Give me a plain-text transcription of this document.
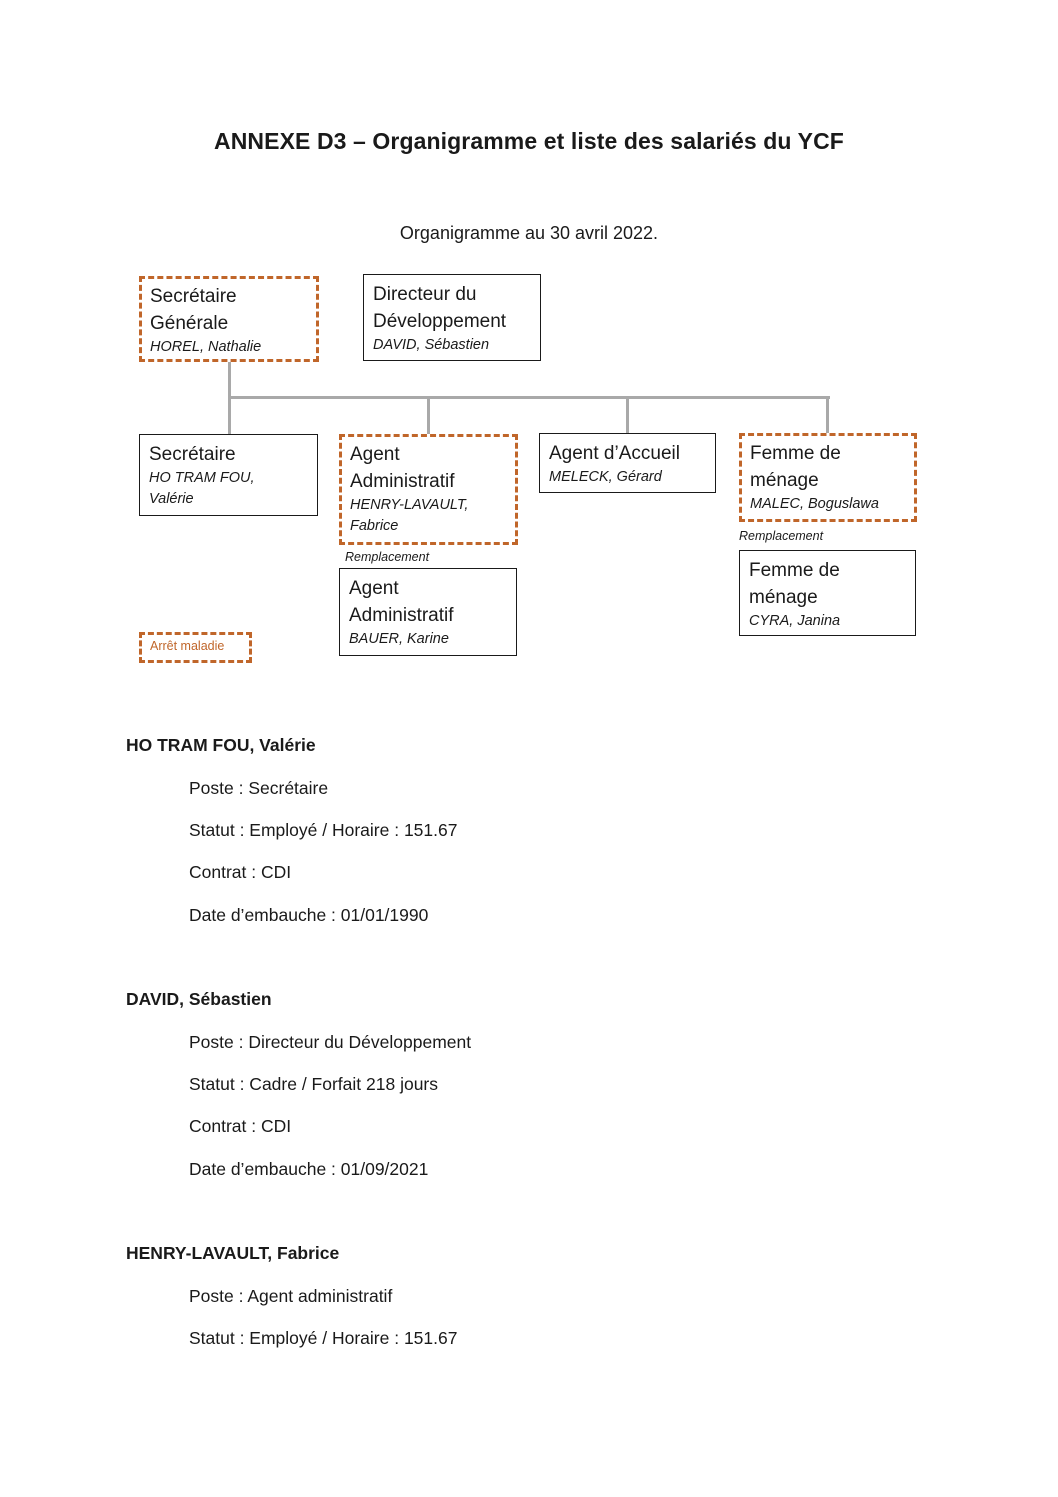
ANNEXE D3 – Organigramme et liste des salariés du YCF
Organigramme au 30 avril 2022.
Secrétaire
Générale
HOREL, Nathalie
Directeur du
Développement
DAVID, Sébastien
Secrétaire
HO TRAM FOU,
Valérie
Agent
Administratif
HENRY-LAVAULT,
Fabrice
Agent d’Accueil
MELECK, Gérard
Femme de
ménage
MALEC, Boguslawa
Remplacement
Agent
Administratif
BAUER, Karine
Remplacement
Femme de
ménage
CYRA, Janina
Arrêt maladie
HO TRAM FOU, Valérie
Poste : Secrétaire
Statut : Employé / Horaire : 151.67
Contrat : CDI
Date d’embauche : 01/01/1990
DAVID, Sébastien
Poste : Directeur du Développement
Statut : Cadre / Forfait 218 jours
Contrat : CDI
Date d’embauche : 01/09/2021
HENRY-LAVAULT, Fabrice
Poste : Agent administratif
Statut : Employé / Horaire : 151.67
